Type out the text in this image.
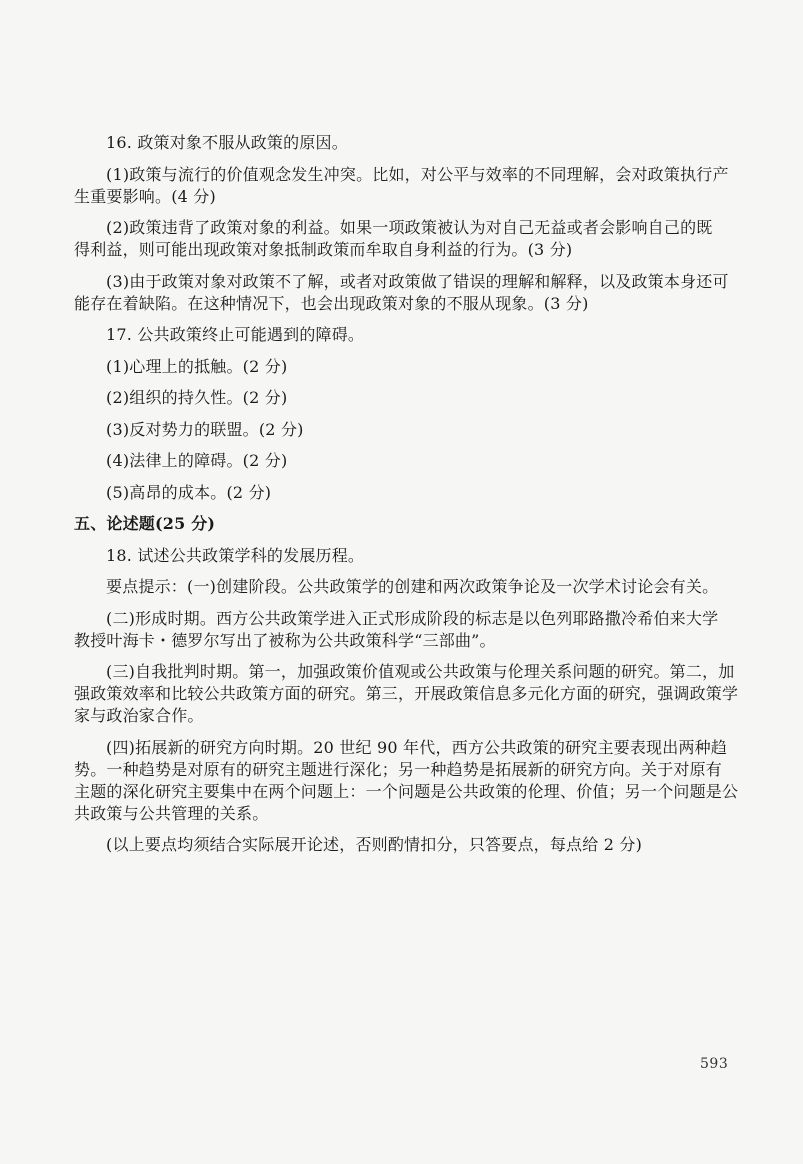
16. 政策对象不服从政策的原因。
(1)政策与流行的价值观念发生冲突。比如，对公平与效率的不同理解，会对政策执行产
生重要影响。(4 分)
(2)政策违背了政策对象的利益。如果一项政策被认为对自己无益或者会影响自己的既
得利益，则可能出现政策对象抵制政策而牟取自身利益的行为。(3 分)
(3)由于政策对象对政策不了解，或者对政策做了错误的理解和解释，以及政策本身还可
能存在着缺陷。在这种情况下，也会出现政策对象的不服从现象。(3 分)
17. 公共政策终止可能遇到的障碍。
(1)心理上的抵触。(2 分)
(2)组织的持久性。(2 分)
(3)反对势力的联盟。(2 分)
(4)法律上的障碍。(2 分)
(5)高昂的成本。(2 分)
五、论述题(25 分)
18. 试述公共政策学科的发展历程。
要点提示：(一)创建阶段。公共政策学的创建和两次政策争论及一次学术讨论会有关。
(二)形成时期。西方公共政策学进入正式形成阶段的标志是以色列耶路撒冷希伯来大学
教授叶海卡・德罗尔写出了被称为公共政策科学“三部曲”。
(三)自我批判时期。第一，加强政策价值观或公共政策与伦理关系问题的研究。第二，加
强政策效率和比较公共政策方面的研究。第三，开展政策信息多元化方面的研究，强调政策学
家与政治家合作。
(四)拓展新的研究方向时期。20 世纪 90 年代，西方公共政策的研究主要表现出两种趋
势。一种趋势是对原有的研究主题进行深化；另一种趋势是拓展新的研究方向。关于对原有
主题的深化研究主要集中在两个问题上：一个问题是公共政策的伦理、价值；另一个问题是公
共政策与公共管理的关系。
(以上要点均须结合实际展开论述，否则酌情扣分，只答要点，每点给 2 分)
593
